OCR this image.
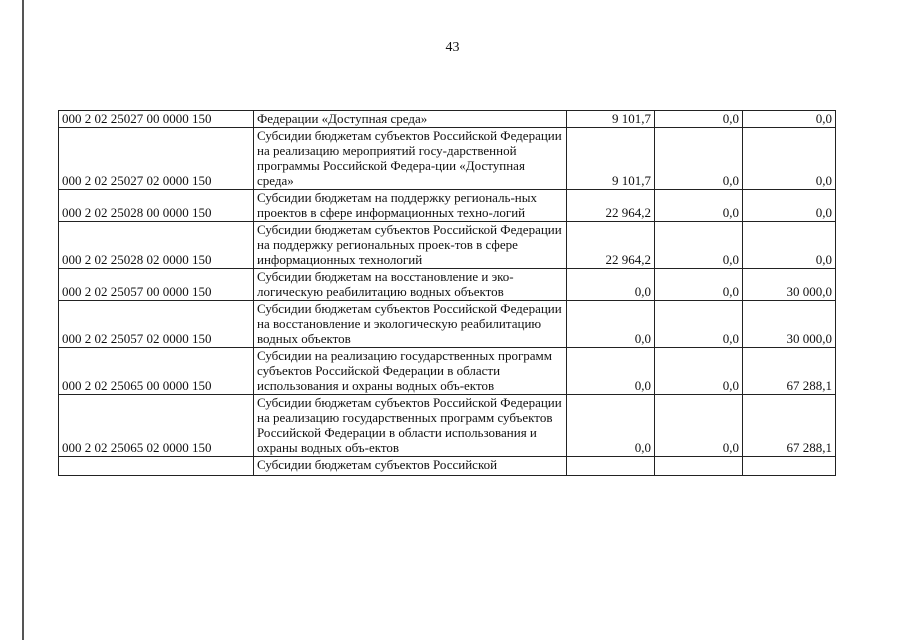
43
000 2 02 25027 00 0000 150	Федерации «Доступная среда»	9 101,7	0,0	0,0
000 2 02 25027 02 0000 150	Субсидии бюджетам субъектов Российской Федерации на реализацию мероприятий госу-дарственной программы Российской Федера-ции «Доступная среда»	9 101,7	0,0	0,0
000 2 02 25028 00 0000 150	Субсидии бюджетам на поддержку региональ-ных проектов в сфере информационных техно-логий	22 964,2	0,0	0,0
000 2 02 25028 02 0000 150	Субсидии бюджетам субъектов Российской Федерации на поддержку региональных проек-тов в сфере информационных технологий	22 964,2	0,0	0,0
000 2 02 25057 00 0000 150	Субсидии бюджетам на восстановление и эко-логическую реабилитацию водных объектов	0,0	0,0	30 000,0
000 2 02 25057 02 0000 150	Субсидии бюджетам субъектов Российской Федерации на восстановление и экологическую реабилитацию водных объектов	0,0	0,0	30 000,0
000 2 02 25065 00 0000 150	Субсидии на реализацию государственных программ субъектов Российской Федерации в области использования и охраны водных объ-ектов	0,0	0,0	67 288,1
000 2 02 25065 02 0000 150	Субсидии бюджетам субъектов Российской Федерации на реализацию государственных программ субъектов Российской Федерации в области использования и охраны водных объ-ектов	0,0	0,0	67 288,1
	Субсидии бюджетам субъектов Российской			
